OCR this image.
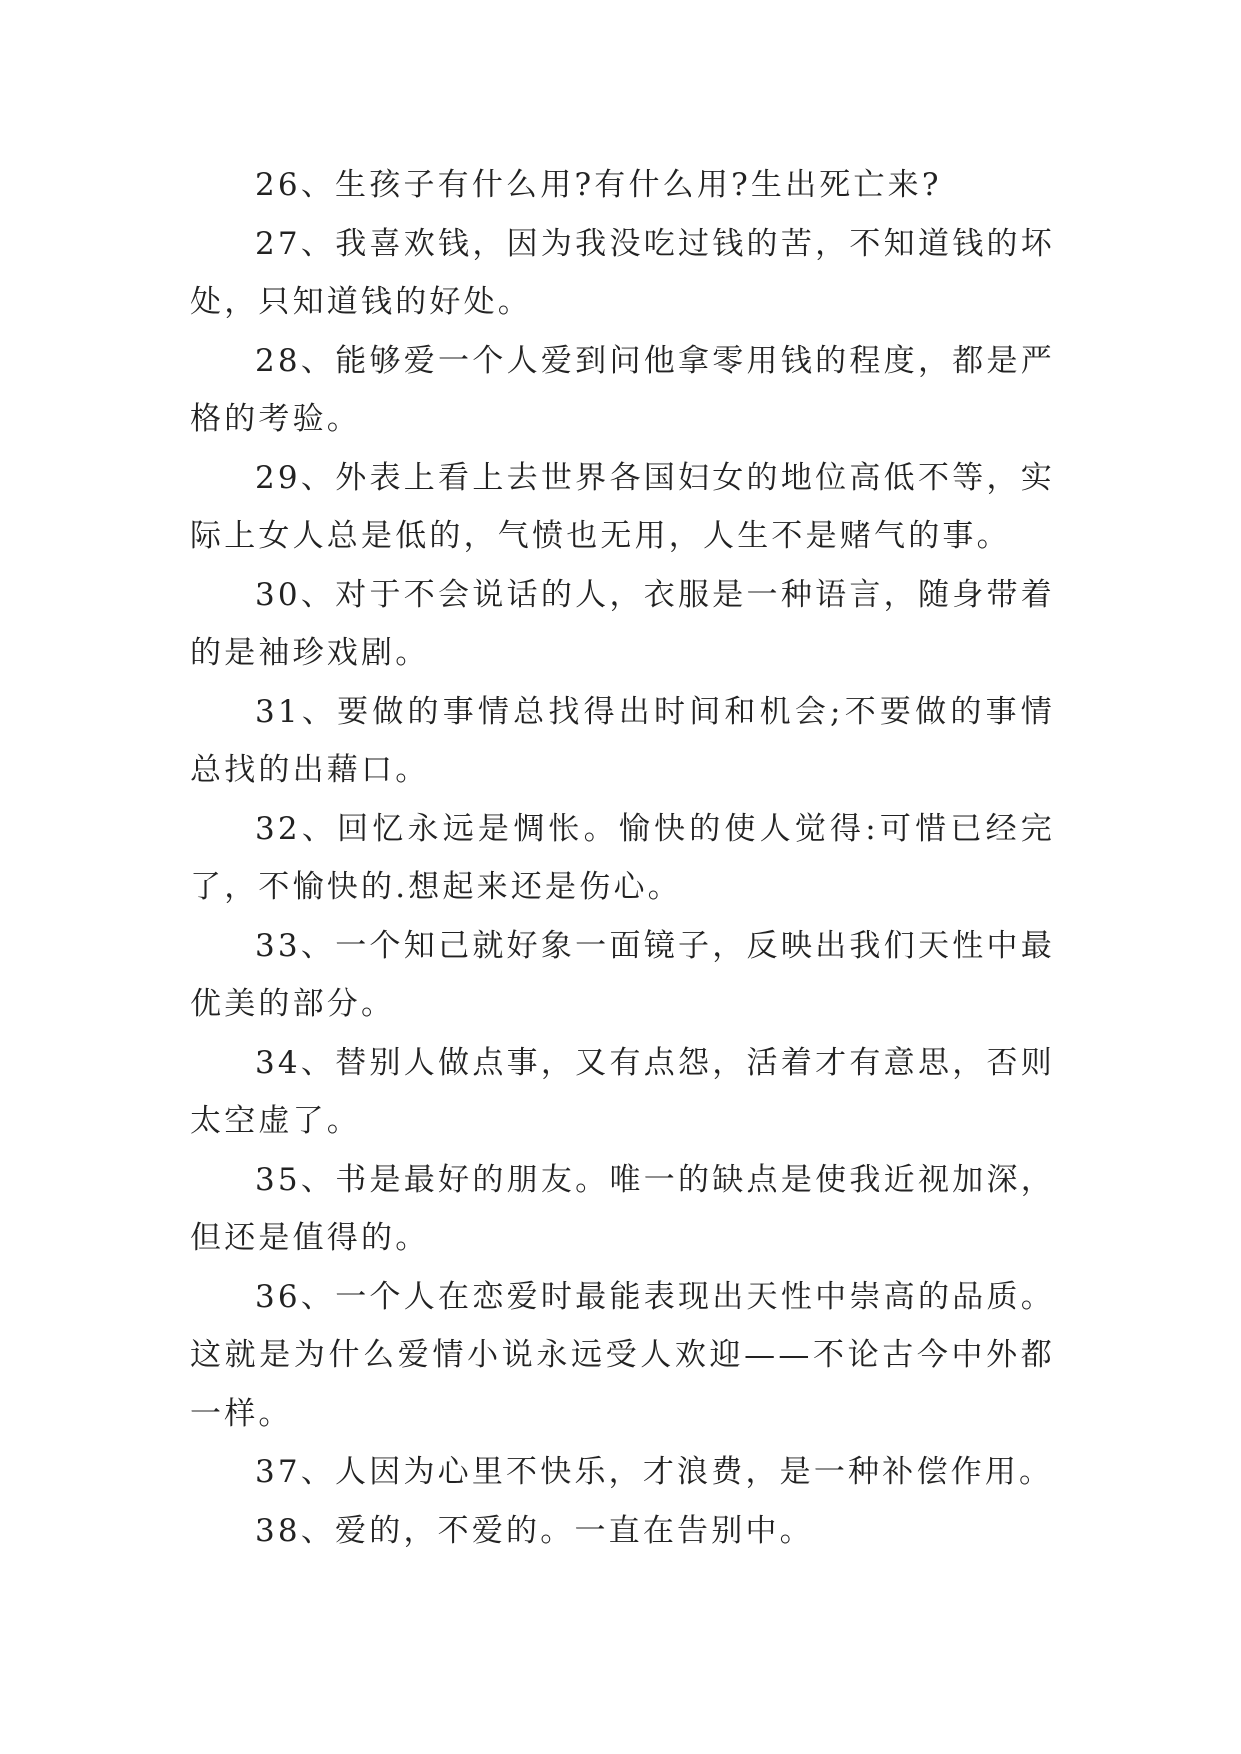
26、生孩子有什么用?有什么用?生出死亡来?

27、我喜欢钱，因为我没吃过钱的苦，不知道钱的坏处，只知道钱的好处。

28、能够爱一个人爱到问他拿零用钱的程度，都是严格的考验。

29、外表上看上去世界各国妇女的地位高低不等，实际上女人总是低的，气愤也无用，人生不是赌气的事。

30、对于不会说话的人，衣服是一种语言，随身带着的是袖珍戏剧。

31、要做的事情总找得出时间和机会;不要做的事情总找的出藉口。

32、回忆永远是惆怅。愉快的使人觉得:可惜已经完了，不愉快的.想起来还是伤心。

33、一个知己就好象一面镜子，反映出我们天性中最优美的部分。

34、替别人做点事，又有点怨，活着才有意思，否则太空虚了。

35、书是最好的朋友。唯一的缺点是使我近视加深，但还是值得的。

36、一个人在恋爱时最能表现出天性中崇高的品质。这就是为什么爱情小说永远受人欢迎——不论古今中外都一样。

37、人因为心里不快乐，才浪费，是一种补偿作用。

38、爱的，不爱的。一直在告别中。
